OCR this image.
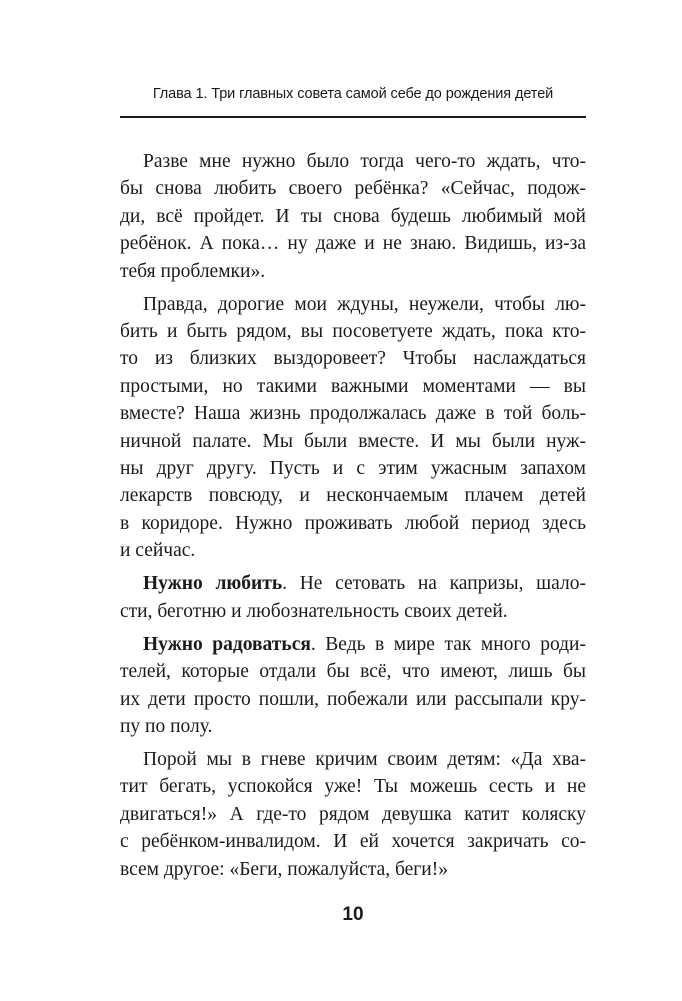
Глава 1. Три главных совета самой себе до рождения детей

Разве мне нужно было тогда чего-то ждать, что-
бы снова любить своего ребёнка? «Сейчас, подож-
ди, всё пройдет. И ты снова будешь любимый мой
ребёнок. А пока… ну даже и не знаю. Видишь, из-за
тебя проблемки».

Правда, дорогие мои ждуны, неужели, чтобы лю-
бить и быть рядом, вы посоветуете ждать, пока кто-
то из близких выздоровеет? Чтобы наслаждаться
простыми, но такими важными моментами — вы
вместе? Наша жизнь продолжалась даже в той боль-
ничной палате. Мы были вместе. И мы были нуж-
ны друг другу. Пусть и с этим ужасным запахом
лекарств повсюду, и нескончаемым плачем детей
в коридоре. Нужно проживать любой период здесь
и сейчас.

Нужно любить. Не сетовать на капризы, шало-
сти, беготню и любознательность своих детей.

Нужно радоваться. Ведь в мире так много роди-
телей, которые отдали бы всё, что имеют, лишь бы
их дети просто пошли, побежали или рассыпали кру-
пу по полу.

Порой мы в гневе кричим своим детям: «Да хва-
тит бегать, успокойся уже! Ты можешь сесть и не
двигаться!» А где-то рядом девушка катит коляску
с ребёнком-инвалидом. И ей хочется закричать со-
всем другое: «Беги, пожалуйста, беги!»

10
